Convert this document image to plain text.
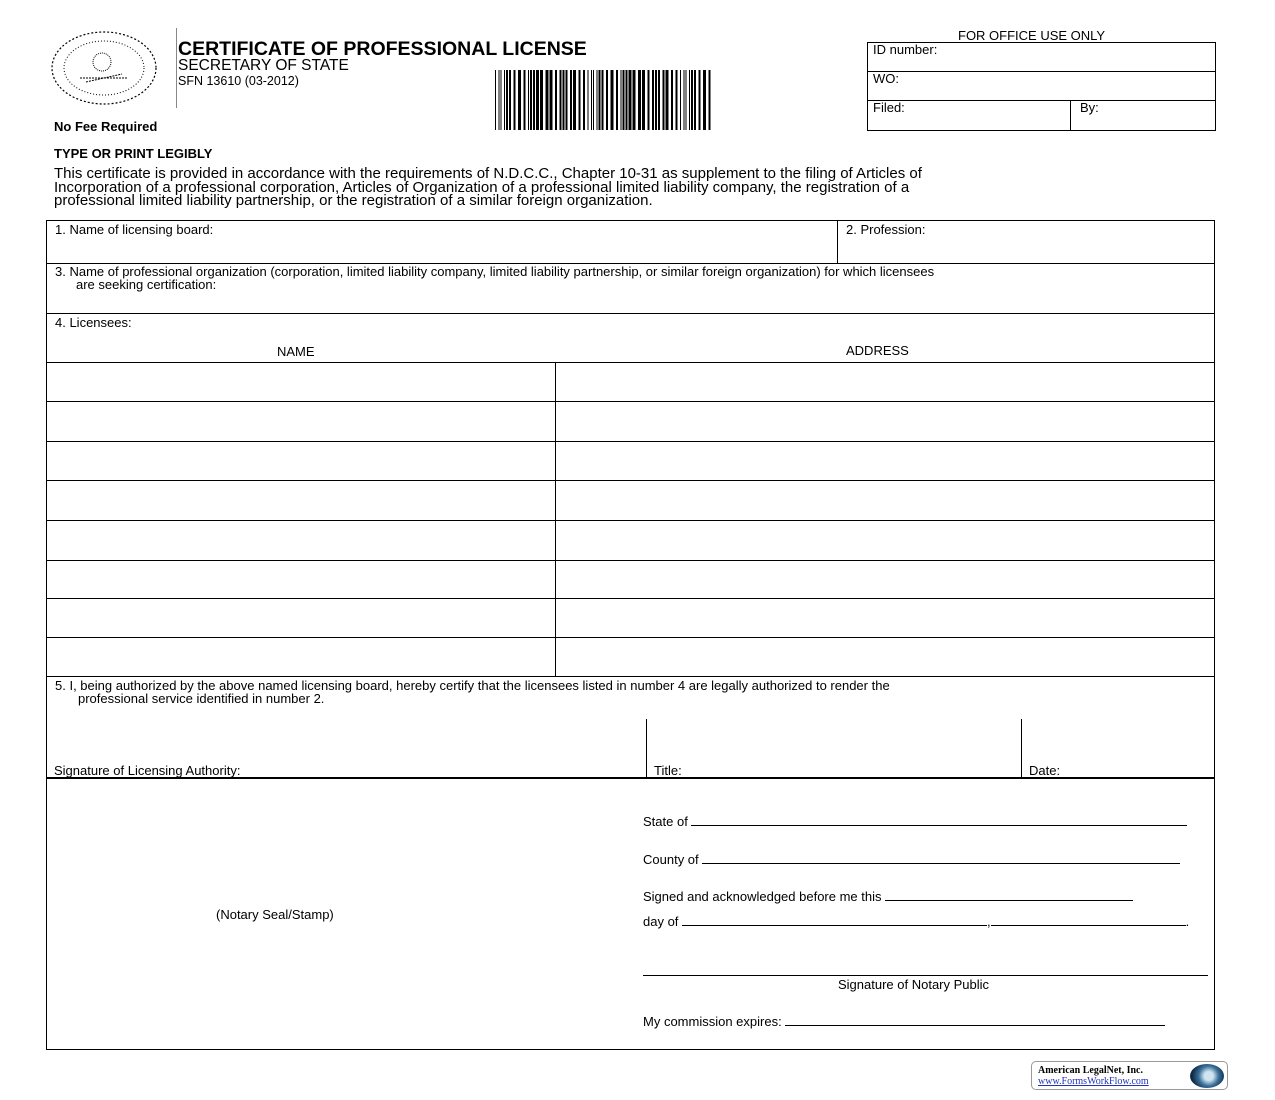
CERTIFICATE OF PROFESSIONAL LICENSE
SECRETARY OF STATE
SFN 13610 (03-2012)
FOR OFFICE USE ONLY
ID number:
WO:
Filed:	By:
No Fee Required
TYPE OR PRINT LEGIBLY
This certificate is provided in accordance with the requirements of N.D.C.C., Chapter 10-31 as supplement to the filing of Articles of
Incorporation of a professional corporation, Articles of Organization of a professional limited liability company, the registration of a
professional limited liability partnership, or the registration of a similar foreign organization.
1. Name of licensing board:	2. Profession:
3. Name of professional organization (corporation, limited liability company, limited liability partnership, or similar foreign organization) for which licensees
are seeking certification:
4. Licensees:
NAME	ADDRESS
5. I, being authorized by the above named licensing board, hereby certify that the licensees listed in number 4 are legally authorized to render the
professional service identified in number 2.
Signature of Licensing Authority:	Title:	Date:
(Notary Seal/Stamp)
State of
County of
Signed and acknowledged before me this
day of	,	.
Signature of Notary Public
My commission expires:
American LegalNet, Inc.
www.FormsWorkFlow.com
